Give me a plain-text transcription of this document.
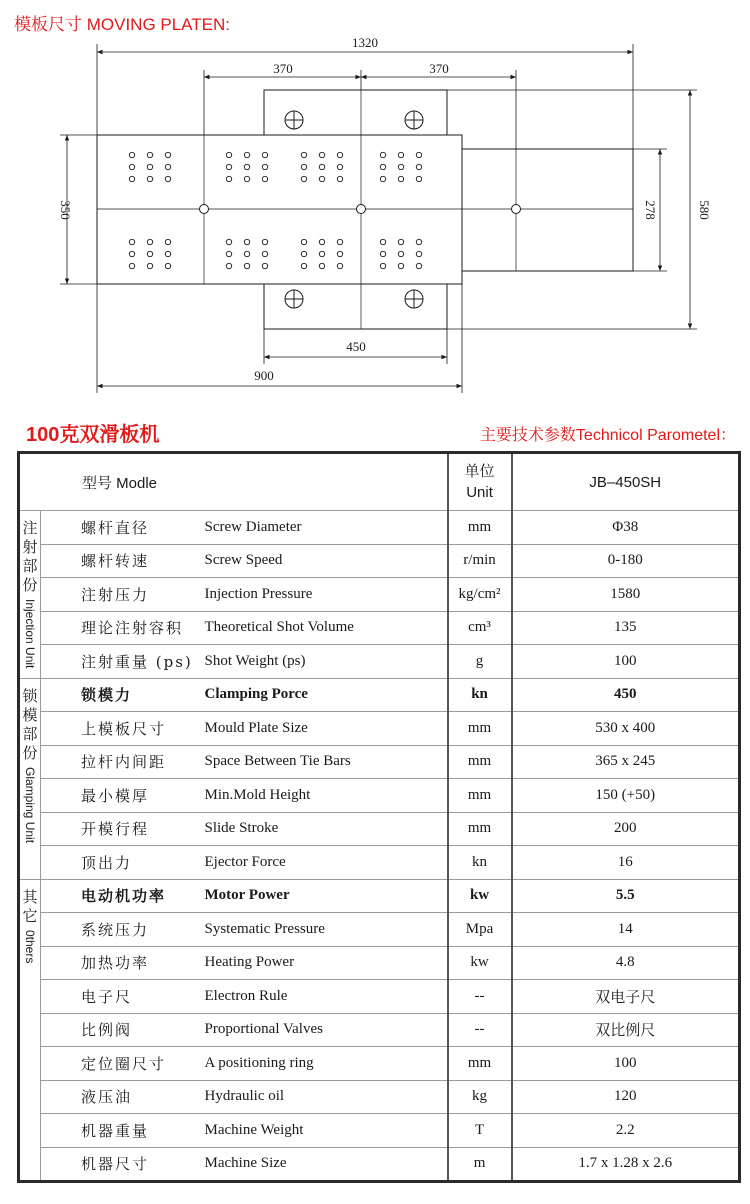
模板尺寸 MOVING PLATEN:
1320
370	370
350	278	580
450
900
100克双滑板机	主要技术参数Technicol Parometel：
型号 Modle			单位
Unit	JB–450SH

注射部份
Injection Unit	螺杆直径	Screw Diameter	mm	Φ38
	螺杆转速	Screw Speed	r/min	0-180
	注射压力	Injection Pressure	kg/cm²	1580
	理论注射容积	Theoretical Shot Volume	cm³	135
	注射重量 (ps)	Shot Weight (ps)	g	100

锁模部份
Glamping Unit	锁模力	Clamping Porce	kn	450
	上模板尺寸	Mould Plate Size	mm	530 x 400
	拉杆内间距	Space Between Tie Bars	mm	365 x 245
	最小模厚	Min.Mold Height	mm	150 (+50)
	开模行程	Slide Stroke	mm	200
	顶出力	Ejector Force	kn	16

其它
0thers	电动机功率	Motor Power	kw	5.5
	系统压力	Systematic Pressure	Mpa	14
	加热功率	Heating Power	kw	4.8
	电子尺	Electron Rule	--	双电子尺
	比例阀	Proportional Valves	--	双比例尺
	定位圈尺寸	A positioning ring	mm	100
	液压油	Hydraulic oil	kg	120
	机器重量	Machine Weight	T	2.2
	机器尺寸	Machine Size	m	1.7 x 1.28 x 2.6
